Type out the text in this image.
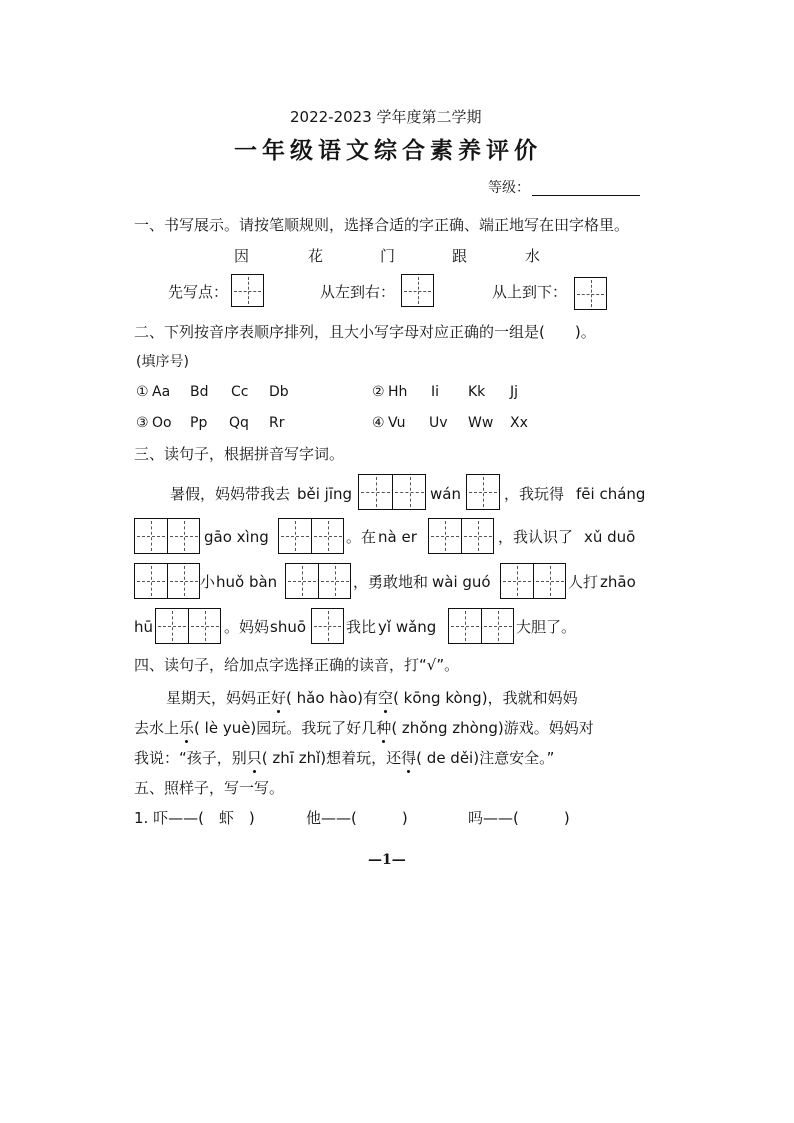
2022-2023 学年度第二学期
一年级语文综合素养评价
等级：
一、书写展示。请按笔顺规则，选择合适的字正确、端正地写在田字格里。
因	花	门	跟	水
先写点：	从左到右：	从上到下：
二、下列按音序表顺序排列，且大小写字母对应正确的一组是(　　)。
(填序号)
① Aa Bd Cc Db	② Hh Ii Kk Jj
③ Oo Pp Qq Rr	④ Vu Uv Ww Xx
三、读句子，根据拼音写字词。
暑假，妈妈带我去 běi jīng	wán	，我玩得 fēi cháng
gāo xìng	。在 nà er	，我认识了 xǔ duō
小 huǒ bàn	，勇敢地和 wài guó	人打 zhāo
hū	。妈妈 shuō	我比 yǐ wǎng	大胆了。
四、读句子，给加点字选择正确的读音，打“√”。
星期天，妈妈正好
( hǎo hào)有空
( kōng kòng)，我就和妈妈
去水上乐
( lè yuè)园玩。我玩了好几种
( zhǒng zhòng)游戏。妈妈对
我说：“孩子，别只
( zhī zhǐ)想着玩，还得
( de děi)注意安全。”
五、照样子，写一写。
1. 吓——(　虾　)	他——(　　　)	吗——(　　　)
—1—
